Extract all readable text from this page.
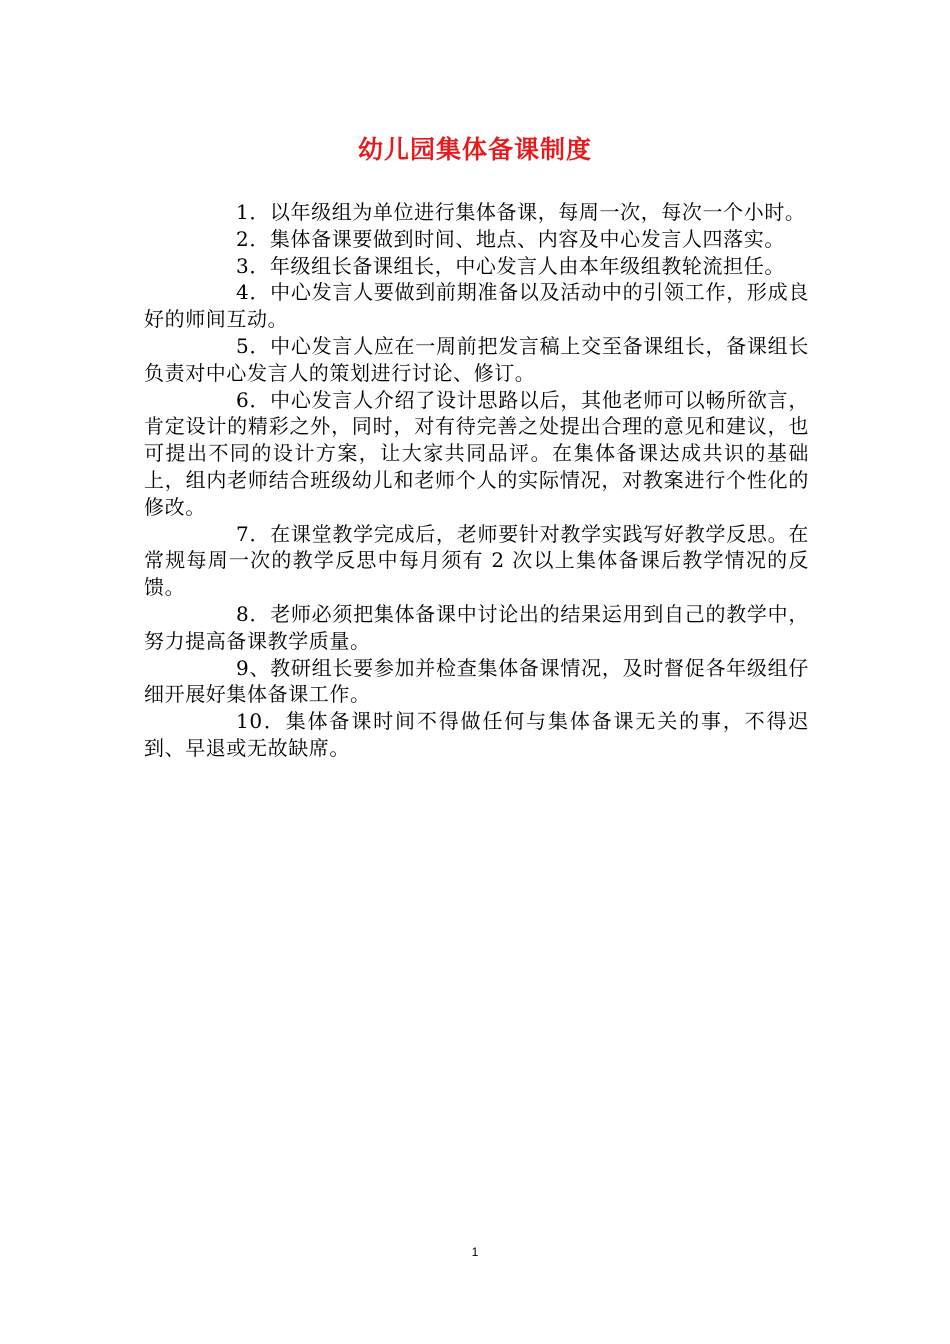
幼儿园集体备课制度

1．以年级组为单位进行集体备课，每周一次，每次一个小时。

2．集体备课要做到时间、地点、内容及中心发言人四落实。

3．年级组长备课组长，中心发言人由本年级组教轮流担任。

4．中心发言人要做到前期准备以及活动中的引领工作，形成良好的师间互动。

5．中心发言人应在一周前把发言稿上交至备课组长，备课组长负责对中心发言人的策划进行讨论、修订。

6．中心发言人介绍了设计思路以后，其他老师可以畅所欲言，肯定设计的精彩之外，同时，对有待完善之处提出合理的意见和建议，也可提出不同的设计方案，让大家共同品评。在集体备课达成共识的基础上，组内老师结合班级幼儿和老师个人的实际情况，对教案进行个性化的修改。

7．在课堂教学完成后，老师要针对教学实践写好教学反思。在常规每周一次的教学反思中每月须有 2 次以上集体备课后教学情况的反馈。

8．老师必须把集体备课中讨论出的结果运用到自己的教学中，努力提高备课教学质量。

9、教研组长要参加并检查集体备课情况，及时督促各年级组仔细开展好集体备课工作。

10．集体备课时间不得做任何与集体备课无关的事，不得迟到、早退或无故缺席。

1
